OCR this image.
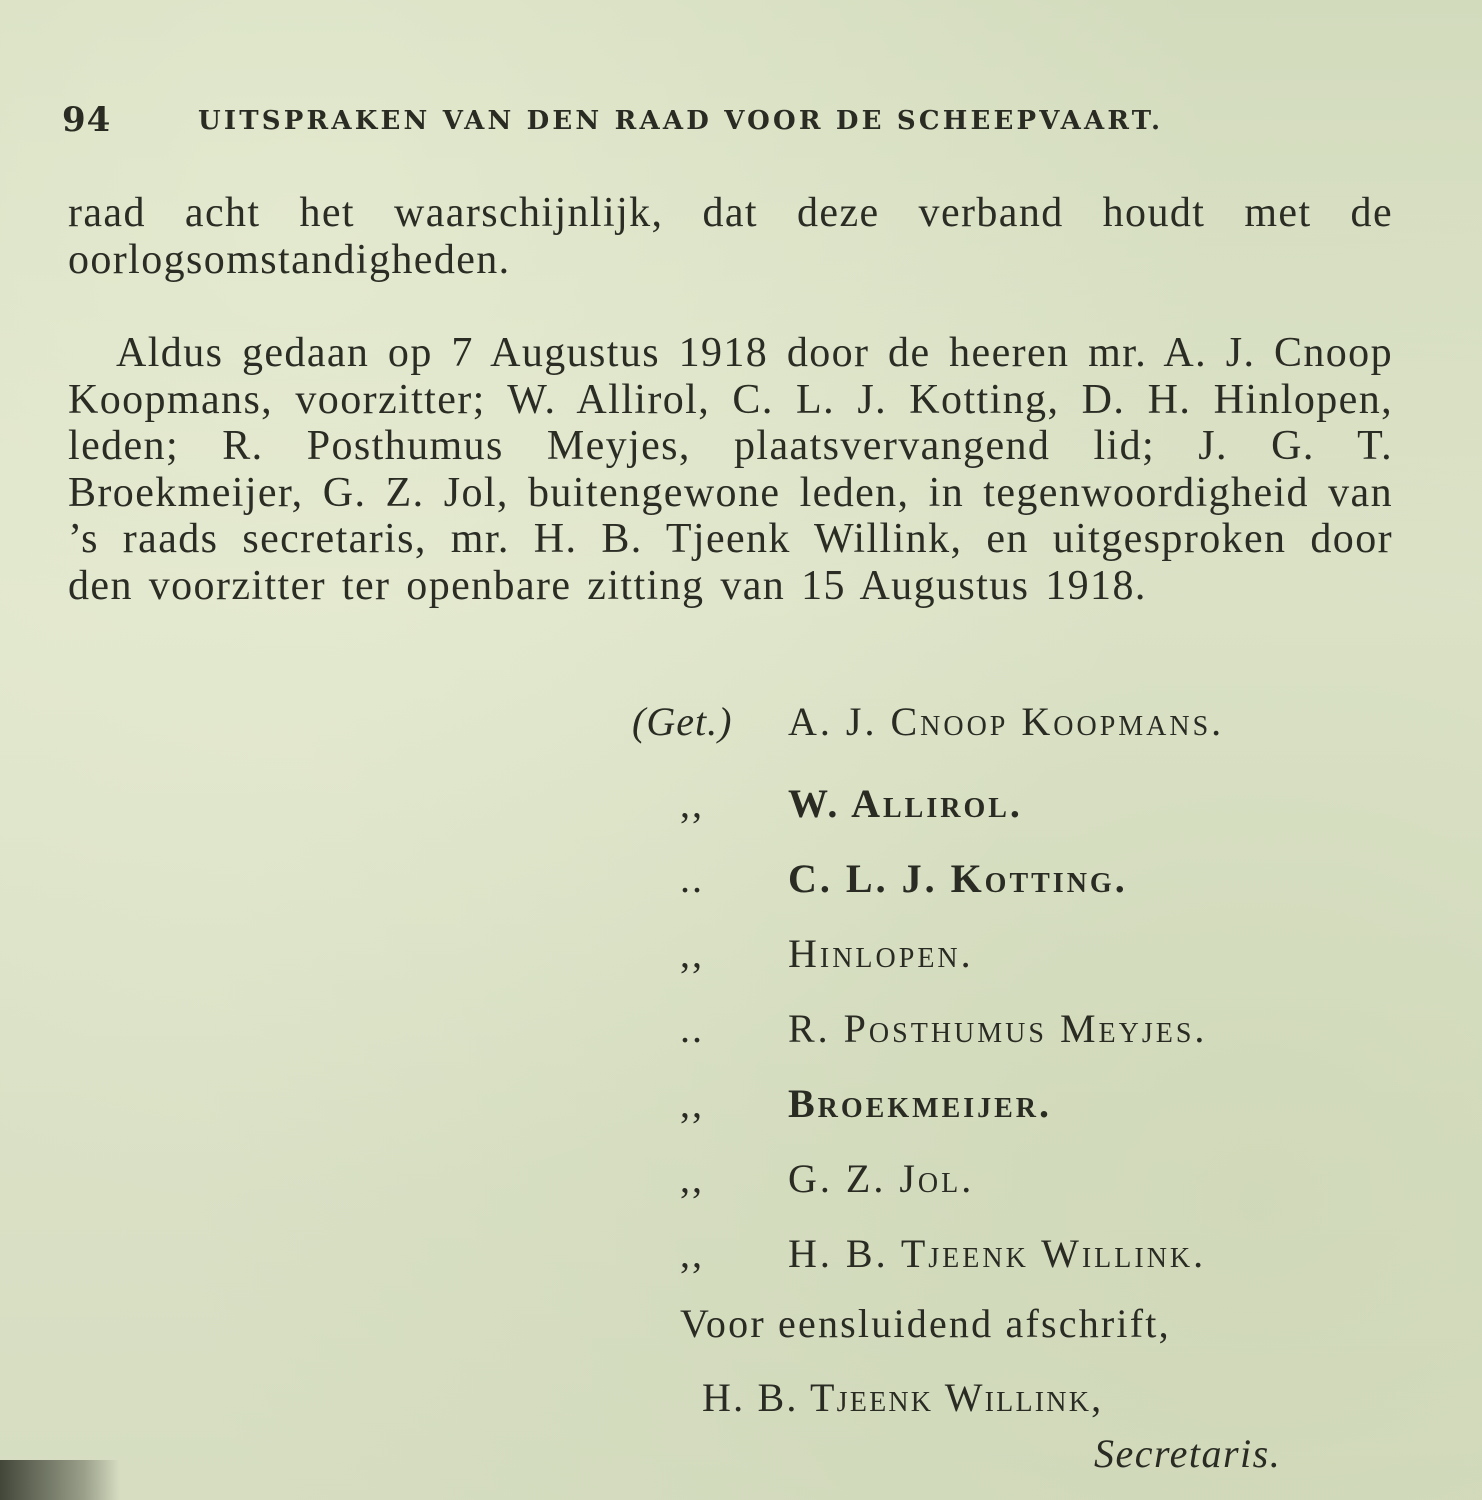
94	UITSPRAKEN VAN DEN RAAD VOOR DE SCHEEPVAART.

raad acht het waarschijnlijk, dat deze verband houdt met de oorlogsomstandigheden.

Aldus gedaan op 7 Augustus 1918 door de heeren mr. A. J. Cnoop Koopmans, voorzitter; W. Allirol, C. L. J. Kotting, D. H. Hinlopen, leden; R. Posthumus Meyjes, plaatsvervangend lid; J. G. T. Broekmeijer, G. Z. Jol, buitengewone leden, in tegenwoordigheid van ’s raads secretaris, mr. H. B. Tjeenk Willink, en uitgesproken door den voorzitter ter openbare zitting van 15 Augustus 1918.

(Get.) A. J. Cnoop Koopmans.
,, W. Allirol.
.. C. L. J. Kotting.
,, Hinlopen.
.. R. Posthumus Meyjes.
,, Broekmeijer.
,, G. Z. Jol.
,, H. B. Tjeenk Willink.
Voor eensluidend afschrift,
H. B. Tjeenk Willink,
Secretaris.
